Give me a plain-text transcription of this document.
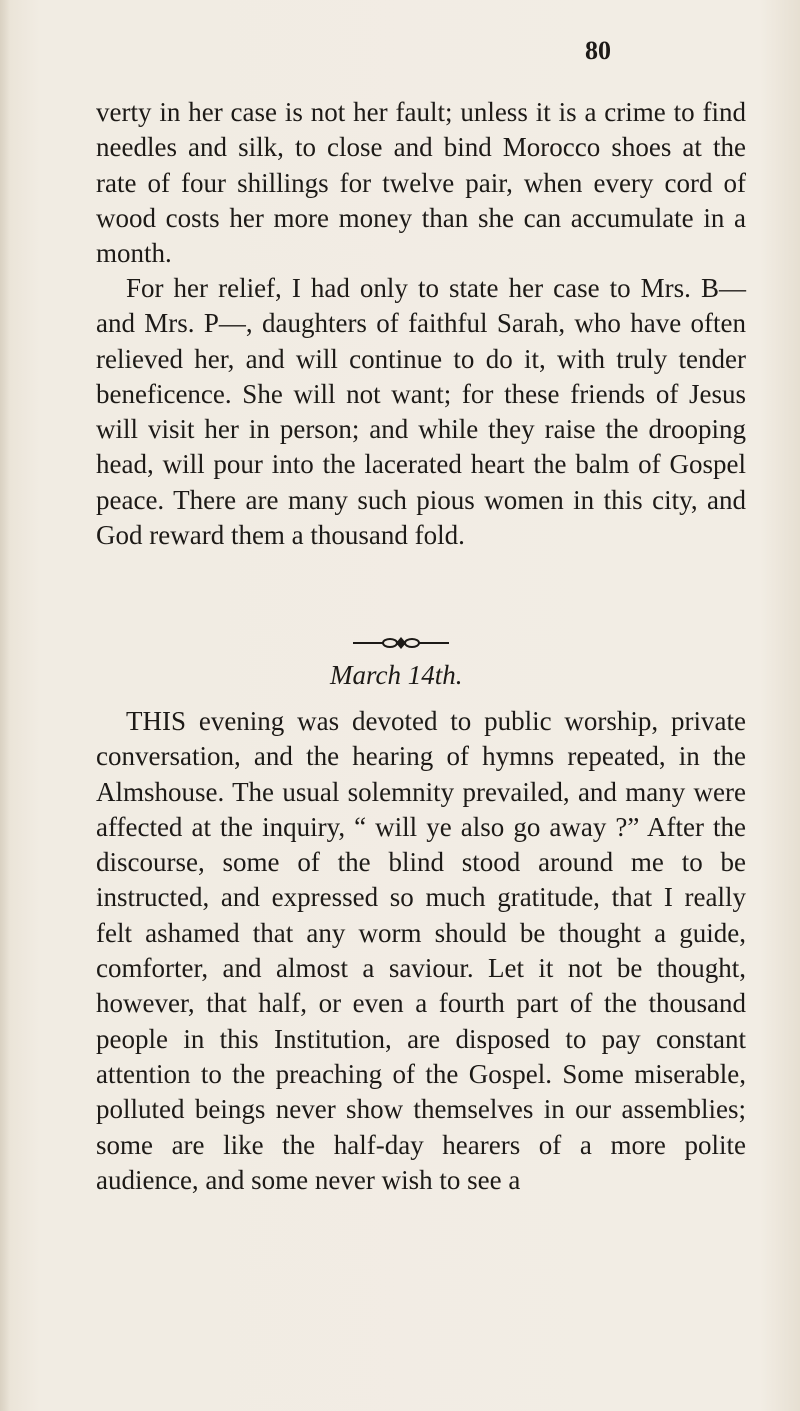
80

verty in her case is not her fault; unless it is a crime to find needles and silk, to close and bind Morocco shoes at the rate of four shillings for twelve pair, when every cord of wood costs her more money than she can accumulate in a month.

For her relief, I had only to state her case to Mrs. B— and Mrs. P—, daughters of faithful Sarah, who have often relieved her, and will continue to do it, with truly tender beneficence. She will not want; for these friends of Jesus will visit her in person; and while they raise the drooping head, will pour into the lacerated heart the balm of Gospel peace. There are many such pious women in this city, and God reward them a thousand fold.

March 14th.

THIS evening was devoted to public worship, private conversation, and the hearing of hymns repeated, in the Almshouse. The usual solemnity prevailed, and many were affected at the inquiry, “ will ye also go away ?” After the discourse, some of the blind stood around me to be instructed, and expressed so much gratitude, that I really felt ashamed that any worm should be thought a guide, comforter, and almost a saviour. Let it not be thought, however, that half, or even a fourth part of the thousand people in this Institution, are disposed to pay constant attention to the preaching of the Gospel. Some miserable, polluted beings never show themselves in our assemblies; some are like the half-day hearers of a more polite audience, and some never wish to see a
